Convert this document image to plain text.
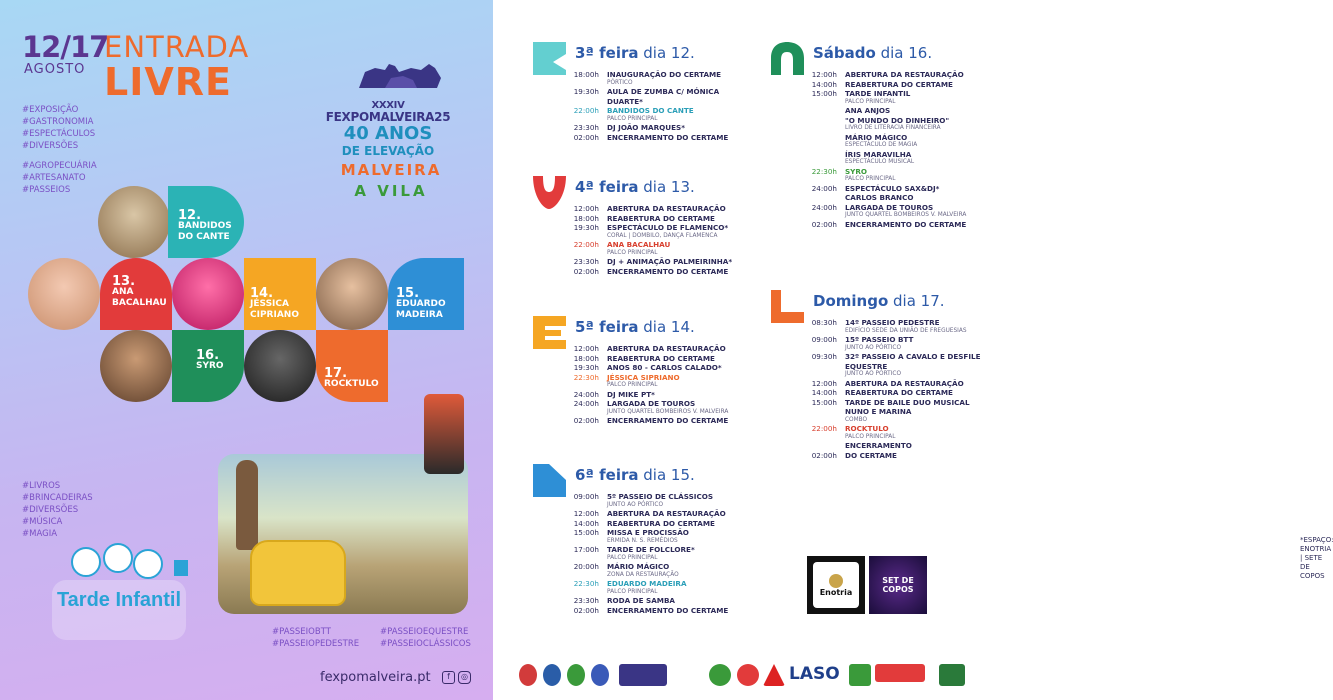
12/17
AGOSTO
ENTRADA
LIVRE
#EXPOSIÇÃO
#GASTRONOMIA
#ESPECTÁCULOS
#DIVERSÕES
#AGROPECUÁRIA
#ARTESANATO
#PASSEIOS
XXXIV
FEXPOMALVEIRA25
40 ANOS
DE ELEVAÇÃO
MALVEIRA
A VILA
12.
BANDIDOS DO CANTE
13.
ANA BACALHAU
14.
JÉSSICA CIPRIANO
15.
EDUARDO MADEIRA
16.
SYRO	17.
ROCKTULO
#LIVROS
#BRINCADEIRAS
#DIVERSÕES
#MÚSICA
#MAGIA
#PASSEIOBTT
#PASSEIOPEDESTRE
#PASSEIOEQUESTRE
#PASSEIOCLÁSSICOS
Tarde Infantil
fexpomalveira.pt	f	◎
3ª feira dia 12.
18:00h INAUGURAÇÃO DO CERTAME
PÓRTICO
19:30h AULA DE ZUMBA C/ MÓNICA DUARTE*
22:00h BANDIDOS DO CANTE
PALCO PRINCIPAL
23:30h DJ JOÃO MARQUES*
02:00h ENCERRAMENTO DO CERTAME
4ª feira dia 13.
12:00h ABERTURA DA RESTAURAÇÃO
18:00h REABERTURA DO CERTAME
19:30h ESPECTÁCULO DE FLAMENCO*
CORAL | DOMBILO, DANÇA FLAMENCA
22:00h ANA BACALHAU
PALCO PRINCIPAL
23:30h DJ + ANIMAÇÃO PALMEIRINHA*
02:00h ENCERRAMENTO DO CERTAME
5ª feira dia 14.
12:00h ABERTURA DA RESTAURAÇÃO
18:00h REABERTURA DO CERTAME
19:30h ANOS 80 - CARLOS CALADO*
22:30h JÉSSICA SIPRIANO
PALCO PRINCIPAL
24:00h DJ MIKE PT*
24:00h LARGADA DE TOUROS
JUNTO QUARTEL BOMBEIROS V. MALVEIRA
02:00h ENCERRAMENTO DO CERTAME
6ª feira dia 15.
09:00h 5º PASSEIO DE CLÁSSICOS
JUNTO AO PÓRTICO
12:00h ABERTURA DA RESTAURAÇÃO
14:00h REABERTURA DO CERTAME
15:00h MISSA E PROCISSÃO
ERMIDA N. S. REMÉDIOS
17:00h TARDE DE FOLCLORE*
PALCO PRINCIPAL
20:00h MÁRIO MÁGICO
ZONA DA RESTAURAÇÃO
22:30h EDUARDO MADEIRA
PALCO PRINCIPAL
23:30h RODA DE SAMBA
02:00h ENCERRAMENTO DO CERTAME
Sábado dia 16.
12:00h ABERTURA DA RESTAURAÇÃO
14:00h REABERTURA DO CERTAME
15:00h TARDE INFANTIL
PALCO PRINCIPAL
ANA ANJOS
"O MUNDO DO DINHEIRO"
LIVRO DE LITERACIA FINANCEIRA
MÁRIO MÁGICO
ESPECTÁCULO DE MAGIA
ÍRIS MARAVILHA
ESPECTÁCULO MUSICAL
22:30h SYRO
PALCO PRINCIPAL
24:00h ESPECTÁCULO SAX&DJ*
CARLOS BRANCO
24:00h LARGADA DE TOUROS
JUNTO QUARTEL BOMBEIROS V. MALVEIRA
02:00h ENCERRAMENTO DO CERTAME
Domingo dia 17.
08:30h 14º PASSEIO PEDESTRE
EDIFÍCIO SEDE DA UNIÃO DE FREGUESIAS
09:00h 15º PASSEIO BTT
JUNTO AO PÓRTICO
09:30h 32º PASSEIO A CAVALO E DESFILE EQUESTRE
JUNTO AO PÓRTICO
12:00h ABERTURA DA RESTAURAÇÃO
14:00h REABERTURA DO CERTAME
15:00h TARDE DE BAILE DUO MUSICAL NUNO E MARINA
COMBO
22:00h ROCKTULO
PALCO PRINCIPAL
ENCERRAMENTO
02:00h DO CERTAME
*ESPAÇO:
ENOTRIA | SETE DE COPOS
Enotria
SET DE COPOS
LASO
